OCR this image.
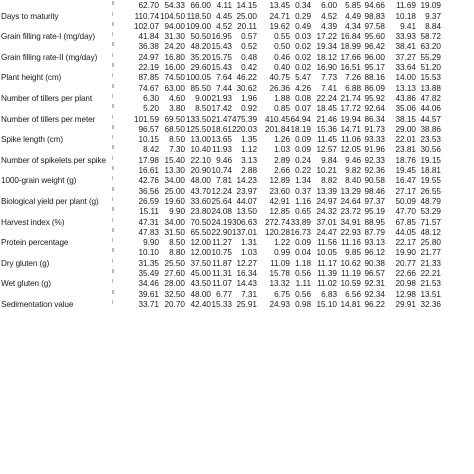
II	62.70 54.33 66.00 4.11 14.15 13.45 0.34 6.00 5.85 94.66 11.69 19.09
Days to maturity	I	110.74 104.50 118.50 4.45 25.00 24.71 0.29 4.52 4.49 98.83 10.18 9.37
II	102.07 94.00 109.00 4.52 20.11 19.62 0.49 4.39 4.34 97.58 9.41 8.84
Grain filling rate-I (mg/day)	I	41.84 31.30 50.50 16.95 0.57 0.55 0.03 17.22 16.84 95.60 33.93 58.72
II	36.38 24.20 48.20 15.43 0.52 0.50 0.02 19.34 18.99 96.42 38.41 63.20
Grain filling rate-II (mg/day) I	24.97 16.80 35.20 15.75 0.48 0.46 0.02 18.12 17.66 96.00 37.27 55.29
II	22.19 16.00 29.60 15.43 0.42 0.40 0.02 16.90 16.51 95.17 33.64 51.20
Plant height (cm)	I	87.85 74.50 100.05 7.64 46.22 40.75 5.47 7.73 7.26 88.16 14.00 15.53
II	74.67 63.00 85.50 7.44 30.62 26.36 4.26 7.41 6.88 86.09 13.13 13.88
Number of tillers per plant	I	6.30 4.60 9.00 21.93 1.96 1.88 0.08 22.24 21.74 95.92 43.86 47.82
II	5.20 3.80 8.50 17.42 0.92 0.85 0.07 18.45 17.72 92.64 35.06 44.06
Number of tillers per meter	I	101.59 69.50 133.50 21.47 475.39 410.45 64.94 21.46 19.94 86.34 38.15 44.57
II	96.57 68.50 125.50 18.61 220.03 201.84 18.19 15.36 14.71 91.73 29.00 38.86
Spike length (cm)	I	10.15 8.50 13.00 13.65 1.35 1.26 0.09 11.45 11.06 93.33 22.01 23.53
II	8.42 7.30 10.40 11.93 1.12 1.03 0.09 12.57 12.05 91.96 23.81 30.56
Number of spikelets per spike I	17.98 15.40 22.10 9.46 3.13 2.89 0.24 9.84 9.46 92.33 18.76 19.15
II	16.61 13.30 20.90 10.74 2.88 2.66 0.22 10.21 9.82 92.36 19.45 18.81
1000-grain weight (g)	I	42.76 34.00 48.00 7.81 14.23 12.89 1.34 8.82 8.40 90.58 16.47 19.55
II	36.56 25.00 43.70 12.24 23.97 23.60 0.37 13.39 13.29 98.46 27.17 26.55
Biological yield per plant (g) I	26.59 19.60 33.60 25.64 44.07 42.91 1.16 24.97 24.64 97.37 50.09 48.79
II	15.11 9.90 23.80 24.08 13.50 12.85 0.65 24.32 23.72 95.19 47.70 53.29
Harvest index (%)	I	47.31 34.00 70.50 24.19 306.63 272.74 33.89 37.01 34.91 88.95 67.85 71.57
II	47.83 31.50 65.50 22.90 137.01 120.28 16.73 24.47 22.93 87.79 44.05 48.12
Protein percentage	I	9.90 8.50 12.00 11.27 1.31 1.22 0.09 11.56 11.16 93.13 22.17 25.80
II	10.10 8.80 12.00 10.75 1.03 0.99 0.04 10.05 9.85 96.12 19.90 21.77
Dry gluten (g)	I	31.35 25.50 37.50 11.87 12.27 11.09 1.18 11.17 10.62 90.38 20.77 21.33
II	35.49 27.60 45.00 11.31 16.34 15.78 0.56 11.39 11.19 96.57 22.66 22.21
Wet gluten (g)	I	34.46 28.00 43.50 11.07 14.43 13.32 1.11 11.02 10.59 92.31 20.98 21.53
II	39.61 32.50 48.00 6.77 7.31 6.75 0.56 6.83 6.56 92.34 12.98 13.51
Sedimentation value	I	33.71 20.70 42.40 15.33 25.91 24.93 0.98 15.10 14.81 96.22 29.91 32.36
